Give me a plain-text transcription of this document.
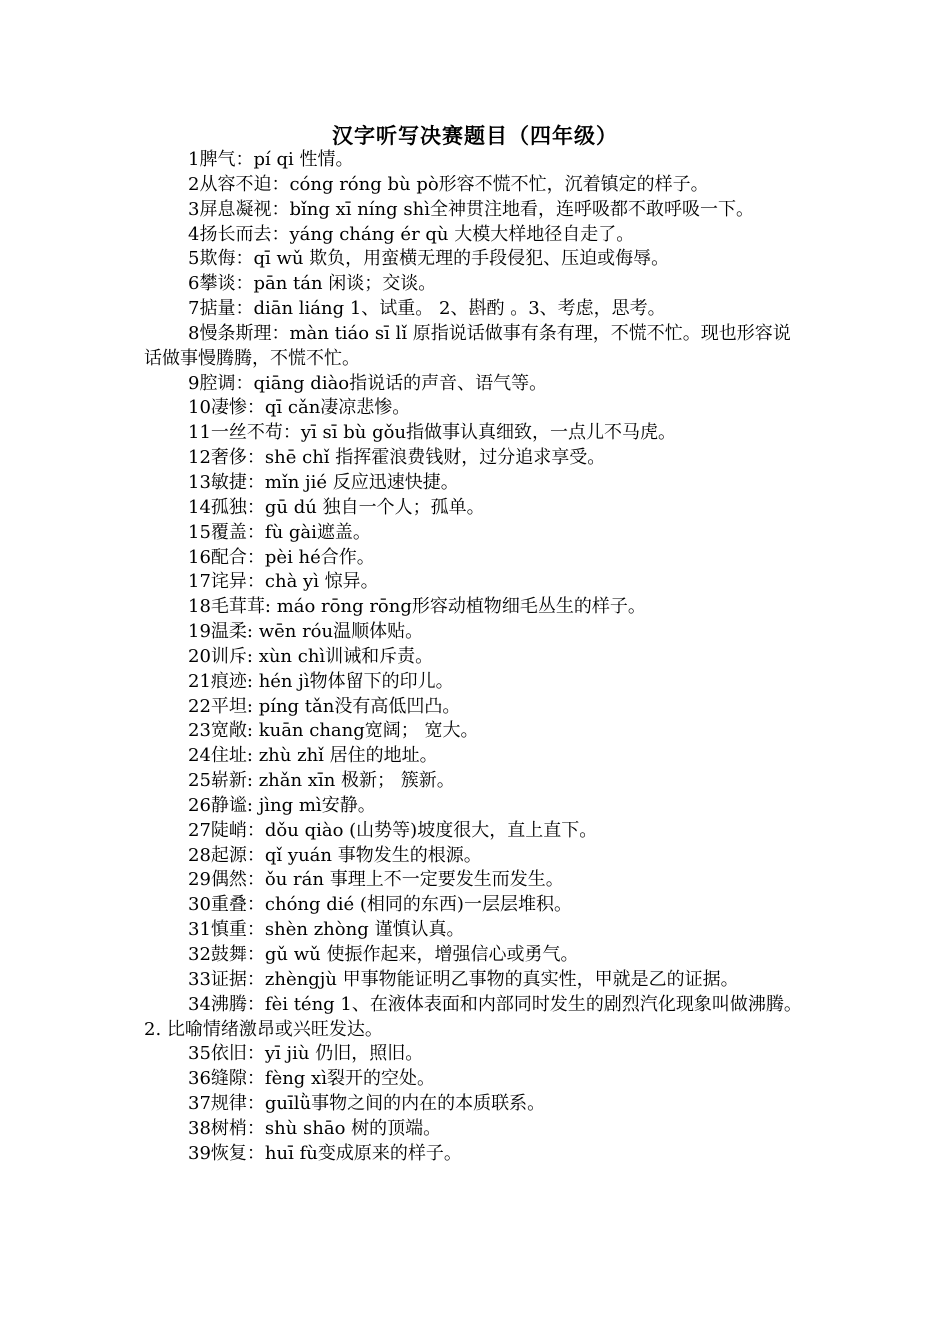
汉字听写决赛题目（四年级）

1脾气：pí qi 性情。

2从容不迫：cóng róng bù pò形容不慌不忙，沉着镇定的样子。

3屏息凝视：bǐng xī níng shì全神贯注地看，连呼吸都不敢呼吸一下。

4扬长而去：yáng cháng ér qù 大模大样地径自走了。

5欺侮：qī wǔ 欺负，用蛮横无理的手段侵犯、压迫或侮辱。

6攀谈：pān tán 闲谈；交谈。

7掂量：diān liáng 1、试重。 2、斟酌 。3、考虑，思考。

8慢条斯理：màn tiáo sī lǐ 原指说话做事有条有理，不慌不忙。现也形容说话做事慢腾腾，不慌不忙。

9腔调：qiāng diào指说话的声音、语气等。

10凄惨：qī cǎn凄凉悲惨。

11一丝不苟：yī sī bù gǒu指做事认真细致，一点儿不马虎。

12奢侈：shē chǐ 指挥霍浪费钱财，过分追求享受。

13敏捷：mǐn jié 反应迅速快捷。

14孤独：gū dú 独自一个人；孤单。

15覆盖：fù gài遮盖。

16配合：pèi hé合作。

17诧异：chà yì 惊异。

18毛茸茸: máo rōng rōng形容动植物细毛丛生的样子。

19温柔: wēn róu温顺体贴。

20训斥: xùn chì训诫和斥责。

21痕迹: hén jì物体留下的印儿。

22平坦: píng tǎn没有高低凹凸。

23宽敞: kuān chang宽阔； 宽大。

24住址: zhù zhǐ 居住的地址。

25崭新: zhǎn xīn 极新； 簇新。

26静谧: jìng mì安静。

27陡峭：dǒu qiào (山势等)坡度很大，直上直下。

28起源：qǐ yuán 事物发生的根源。

29偶然：ǒu rán 事理上不一定要发生而发生。

30重叠：chóng dié (相同的东西)一层层堆积。

31慎重：shèn zhòng 谨慎认真。

32鼓舞：gǔ wǔ 使振作起来，增强信心或勇气。

33证据：zhèngjù 甲事物能证明乙事物的真实性，甲就是乙的证据。

34沸腾：fèi téng 1、在液体表面和内部同时发生的剧烈汽化现象叫做沸腾。 2. 比喻情绪激昂或兴旺发达。

35依旧：yī jiù 仍旧，照旧。

36缝隙：fèng xì裂开的空处。

37规律：guīlǜ事物之间的内在的本质联系。

38树梢：shù shāo 树的顶端。

39恢复：huī fù变成原来的样子。
